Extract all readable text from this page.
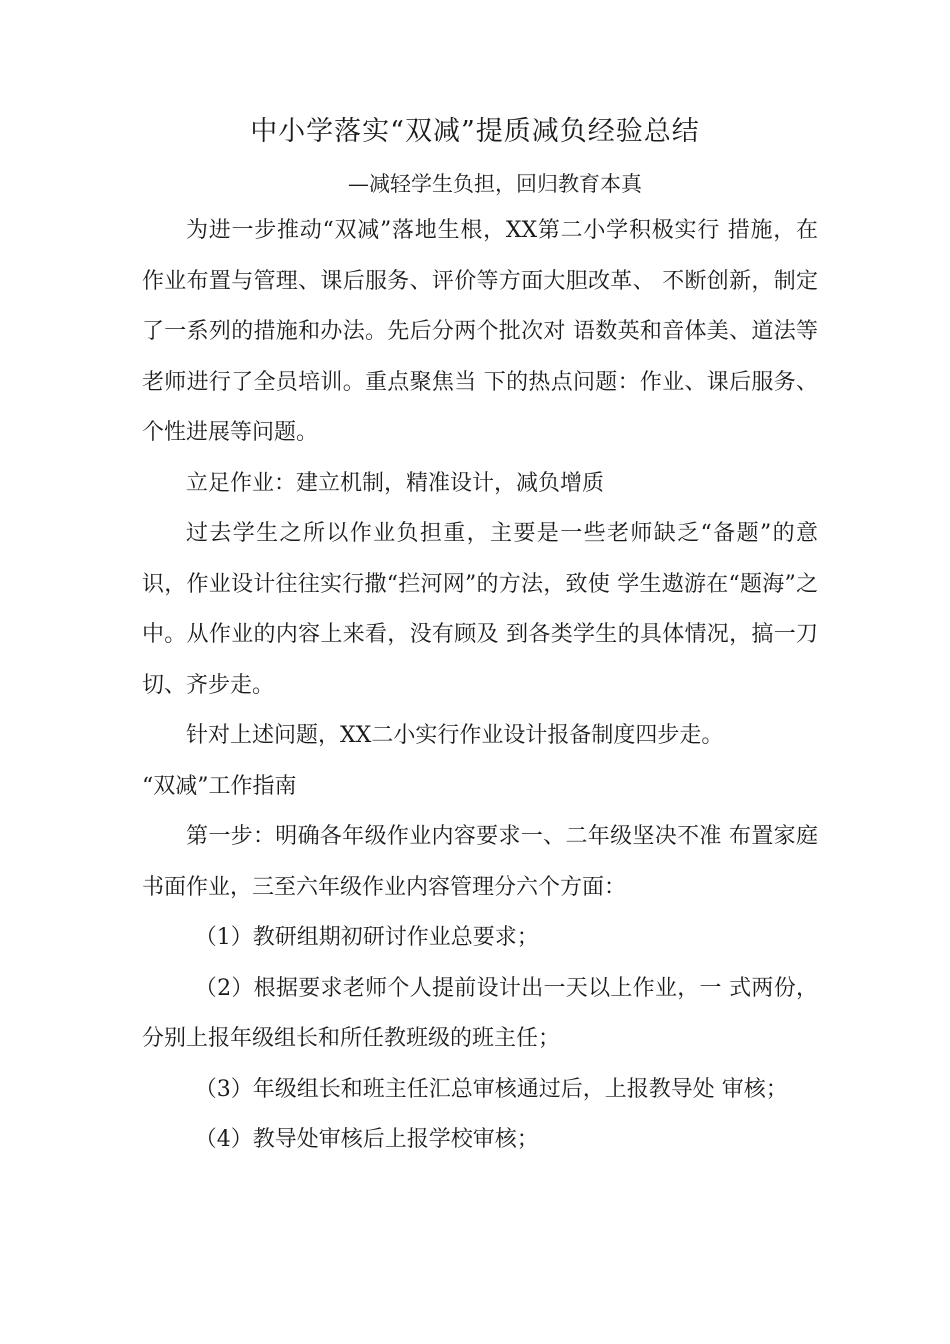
中小学落实“双减”提质减负经验总结
—减轻学生负担，回归教育本真

为进一步推动“双减”落地生根，XX第二小学积极实行 措施，在作业布置与管理、课后服务、评价等方面大胆改革、 不断创新，制定了一系列的措施和办法。先后分两个批次对 语数英和音体美、道法等老师进行了全员培训。重点聚焦当 下的热点问题：作业、课后服务、个性进展等问题。

立足作业：建立机制，精准设计，减负增质

过去学生之所以作业负担重，主要是一些老师缺乏“备题”的意识，作业设计往往实行撒“拦河网”的方法，致使 学生遨游在“题海”之中。从作业的内容上来看，没有顾及 到各类学生的具体情况，搞一刀切、齐步走。

针对上述问题，XX二小实行作业设计报备制度四步走。

“双减”工作指南

第一步：明确各年级作业内容要求一、二年级坚决不准 布置家庭书面作业，三至六年级作业内容管理分六个方面：

（1）教研组期初研讨作业总要求；

（2）根据要求老师个人提前设计出一天以上作业，一 式两份，分别上报年级组长和所任教班级的班主任；

（3）年级组长和班主任汇总审核通过后，上报教导处 审核；

（4）教导处审核后上报学校审核；
